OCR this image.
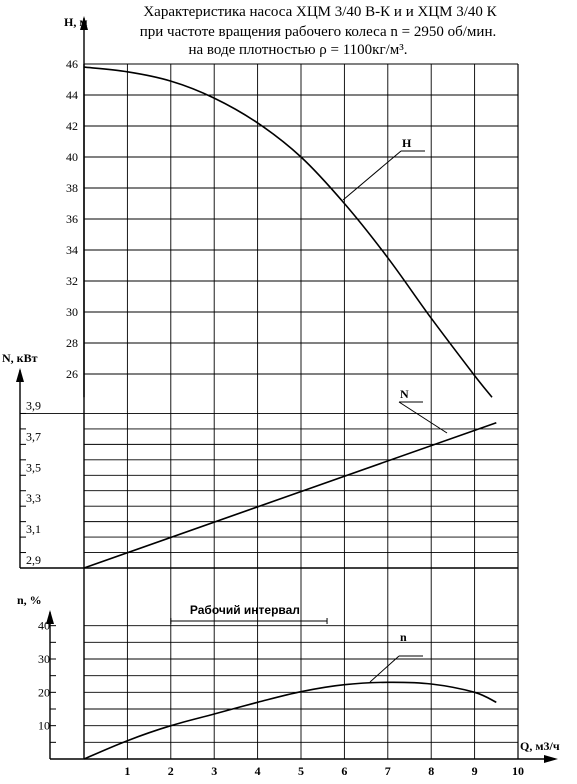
Характеристика насоса ХЦМ 3/40 В-К и и ХЦМ 3/40 К
при частоте вращения рабочего колеса n = 2950 об/мин.
на воде плотностью ρ = 1100кг/м³.
26
28
30
32
34
36
38
40
42
44
46
2,9
3,1
3,3
3,5
3,7
3,9
10
20
30
40
1	2	3	4	5	6	7	8	9	10
Н
N
n
Н, м
N, кВт
n, %
Q, м3/ч
Рабочий интервал
